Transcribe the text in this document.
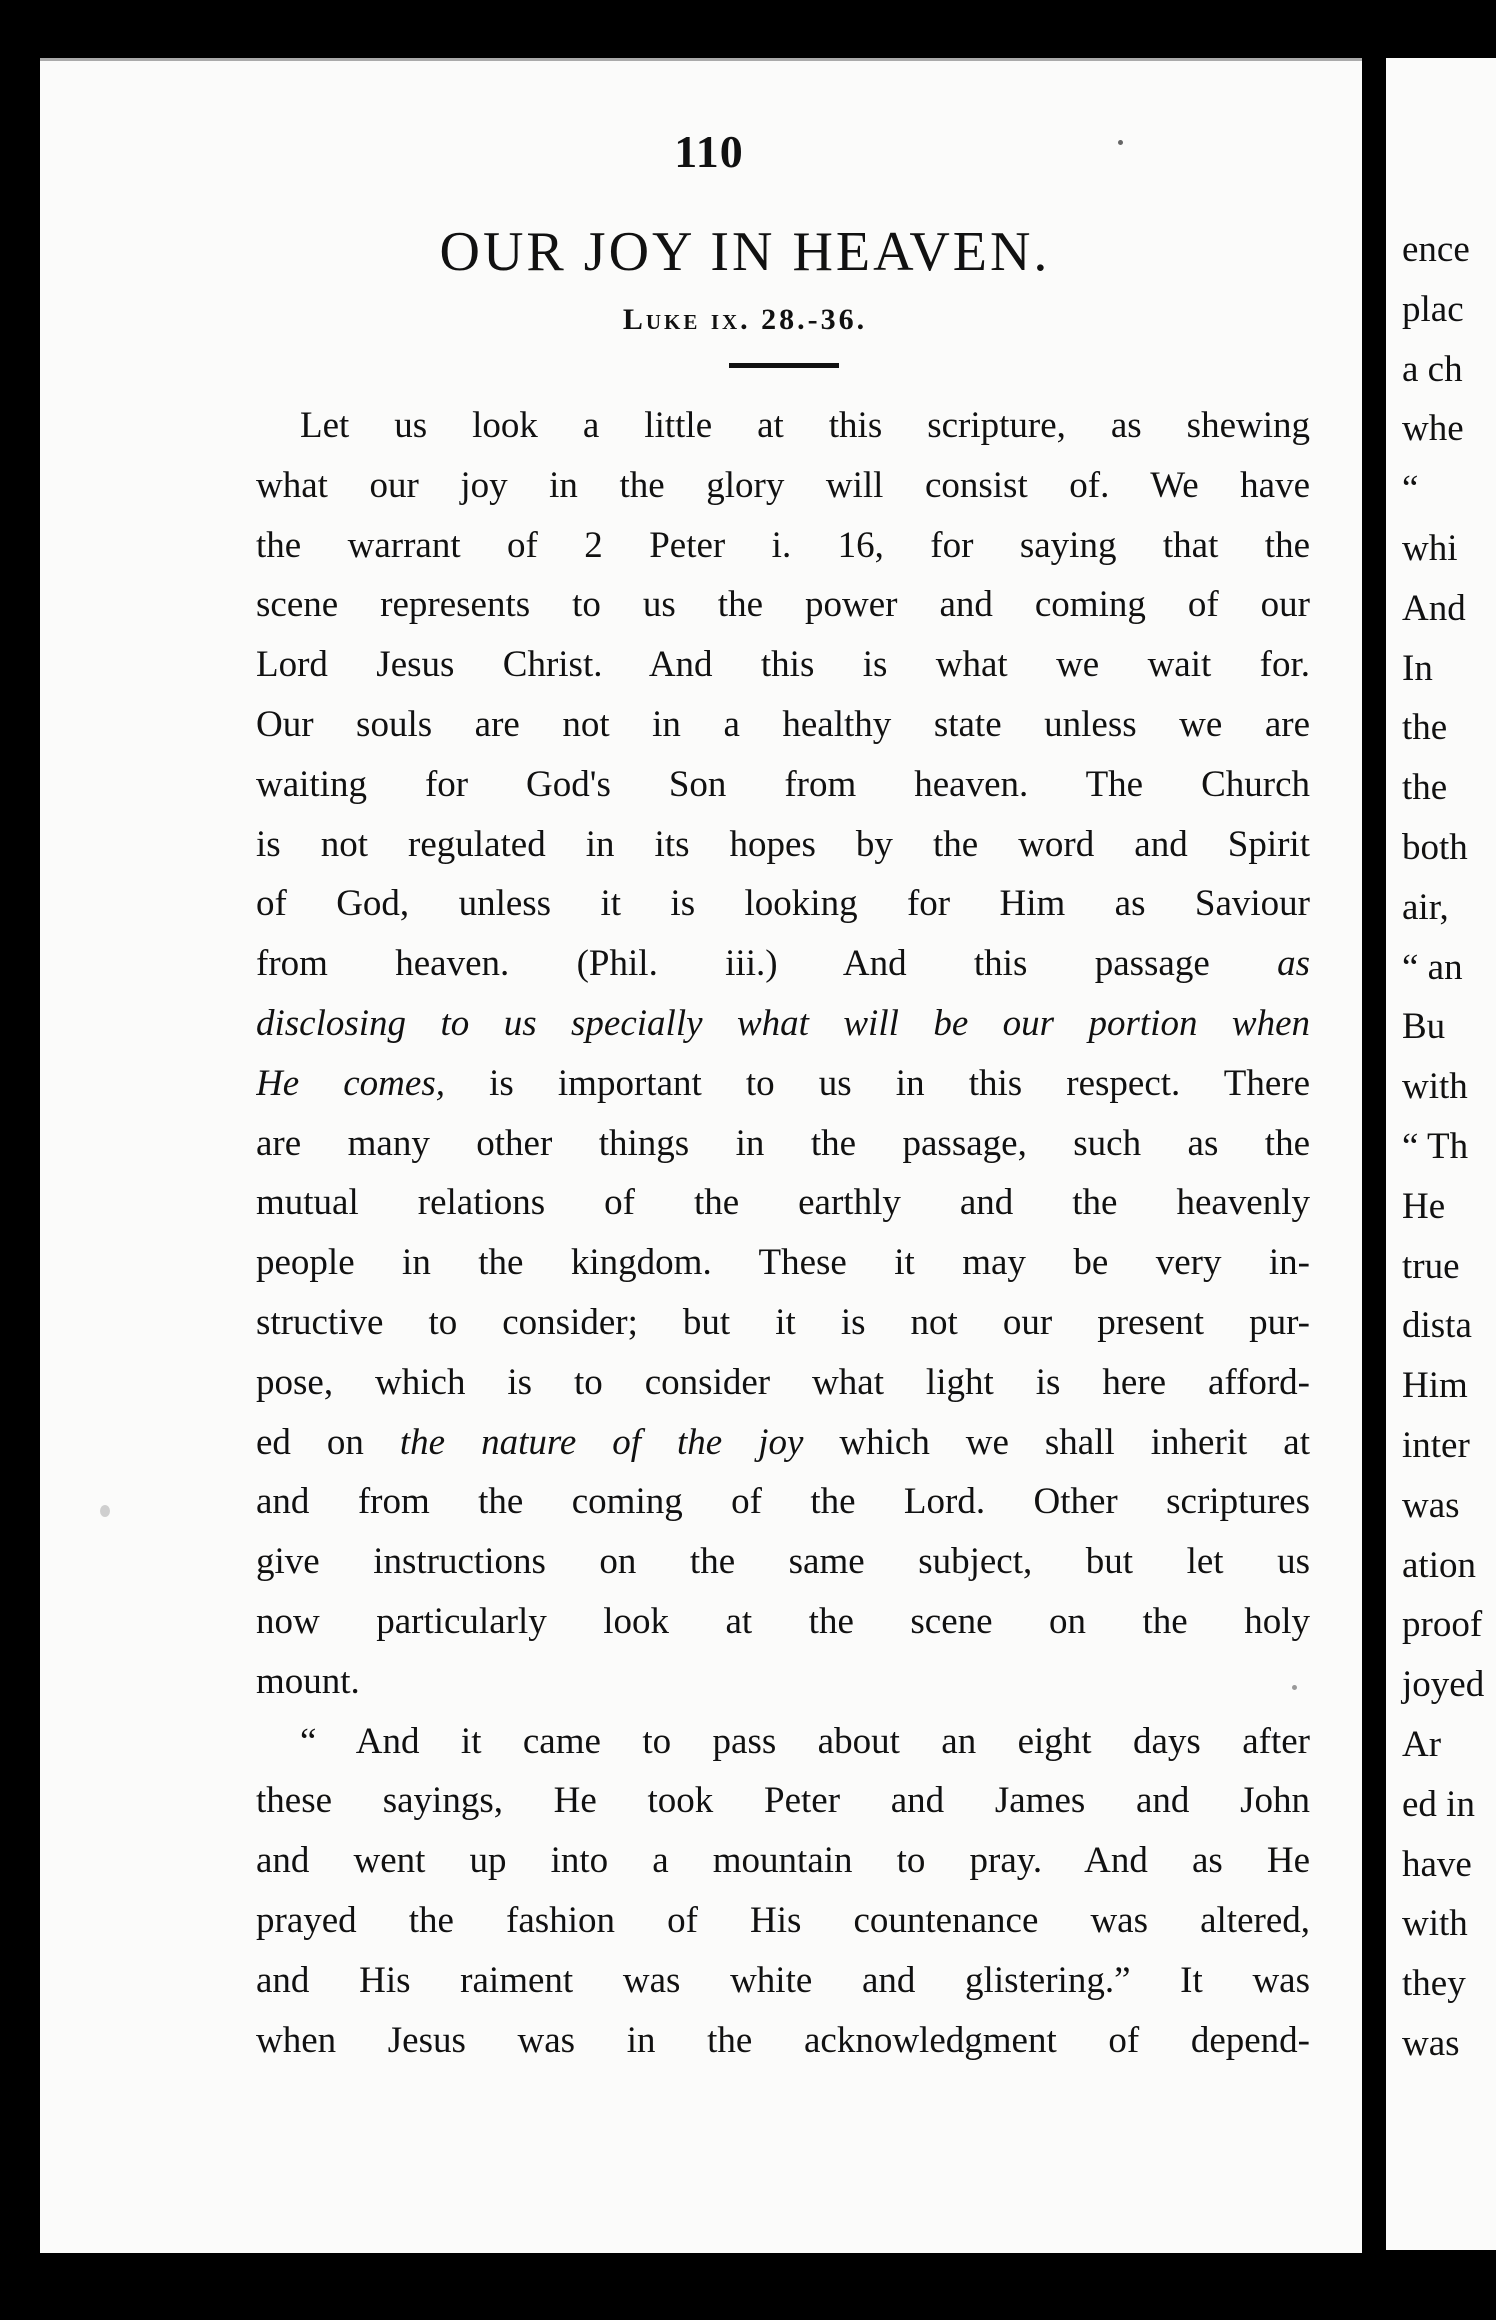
110
OUR JOY IN HEAVEN.
Luke ix. 28.-36.
Let us look a little at this scripture, as shewing
what our joy in the glory will consist of. We have
the warrant of 2 Peter i. 16, for saying that the
scene represents to us the power and coming of our
Lord Jesus Christ. And this is what we wait for.
Our souls are not in a healthy state unless we are
waiting for God's Son from heaven. The Church
is not regulated in its hopes by the word and Spirit
of God, unless it is looking for Him as Saviour
from heaven. (Phil. iii.) And this passage as
disclosing to us specially what will be our portion when
He comes, is important to us in this respect. There
are many other things in the passage, such as the
mutual relations of the earthly and the heavenly
people in the kingdom. These it may be very in-
structive to consider; but it is not our present pur-
pose, which is to consider what light is here afford-
ed on the nature of the joy which we shall inherit at
and from the coming of the Lord. Other scriptures
give instructions on the same subject, but let us
now particularly look at the scene on the holy
mount.
“ And it came to pass about an eight days after
these sayings, He took Peter and James and John
and went up into a mountain to pray. And as He
prayed the fashion of His countenance was altered,
and His raiment was white and glistering.” It was
when Jesus was in the acknowledgment of depend-
ence
plac
a ch
whe
“
whi
And
In
the
the
both
air,
“ an
Bu
with
“ Th
He
true
dista
Him
inter
was
ation
proof
joyed
Ar
ed in
have
with
they
was
